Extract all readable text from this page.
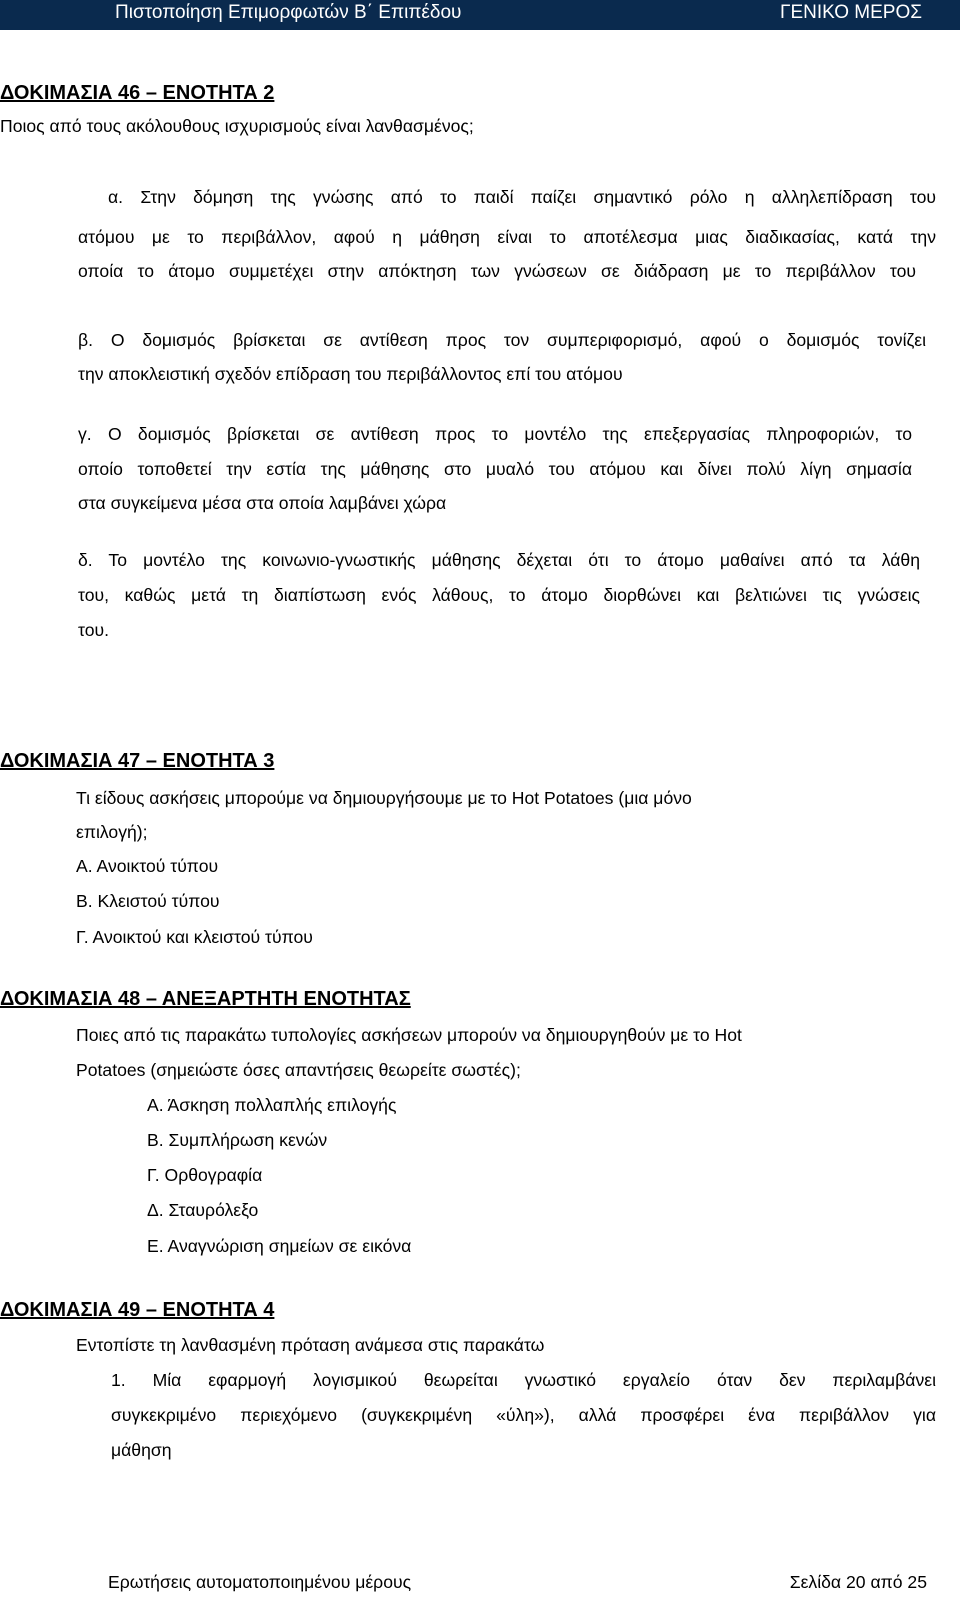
Πιστοποίηση Επιμορφωτών Β΄ Επιπέδου	ΓΕΝΙΚΟ ΜΕΡΟΣ
ΔΟΚΙΜΑΣΙΑ 46 – ΕΝΟΤΗΤΑ 2
Ποιος από τους ακόλουθους ισχυρισμούς είναι λανθασμένος;
α. Στην δόμηση της γνώσης από το παιδί παίζει σημαντικό ρόλο η αλληλεπίδραση του
ατόμου με το περιβάλλον, αφού η μάθηση είναι το αποτέλεσμα μιας διαδικασίας, κατά την
οποία το άτομο συμμετέχει στην απόκτηση των γνώσεων σε διάδραση με το περιβάλλον του
β. Ο δομισμός βρίσκεται σε αντίθεση προς τον συμπεριφορισμό, αφού ο δομισμός τονίζει
την αποκλειστική σχεδόν επίδραση του περιβάλλοντος επί του ατόμου
γ. Ο δομισμός βρίσκεται σε αντίθεση προς το μοντέλο της επεξεργασίας πληροφοριών, το
οποίο τοποθετεί την εστία της μάθησης στο μυαλό του ατόμου και δίνει πολύ λίγη σημασία
στα συγκείμενα μέσα στα οποία λαμβάνει χώρα
δ. Το μοντέλο της κοινωνιο-γνωστικής μάθησης δέχεται ότι το άτομο μαθαίνει από τα λάθη
του, καθώς μετά τη διαπίστωση ενός λάθους, το άτομο διορθώνει και βελτιώνει τις γνώσεις
του.
ΔΟΚΙΜΑΣΙΑ 47 – ΕΝΟΤΗΤΑ 3
Τι είδους ασκήσεις μπορούμε να δημιουργήσουμε με το Hot Potatoes (μια μόνο
επιλογή);
Α. Ανοικτού τύπου
Β. Κλειστού τύπου
Γ. Ανοικτού και κλειστού τύπου
ΔΟΚΙΜΑΣΙΑ 48 – ΑΝΕΞΑΡΤΗΤΗ ΕΝΟΤΗΤΑΣ
Ποιες από τις παρακάτω τυπολογίες ασκήσεων μπορούν να δημιουργηθούν με το Hot
Potatoes (σημειώστε όσες απαντήσεις θεωρείτε σωστές);
Α. Άσκηση πολλαπλής επιλογής
Β. Συμπλήρωση κενών
Γ. Ορθογραφία
Δ. Σταυρόλεξο
Ε. Αναγνώριση σημείων σε εικόνα
ΔΟΚΙΜΑΣΙΑ 49 – ΕΝΟΤΗΤΑ 4
Εντοπίστε τη λανθασμένη πρόταση ανάμεσα στις παρακάτω
1. Μία εφαρμογή λογισμικού θεωρείται γνωστικό εργαλείο όταν δεν περιλαμβάνει
συγκεκριμένο περιεχόμενο (συγκεκριμένη «ύλη»), αλλά προσφέρει ένα περιβάλλον για
μάθηση
Ερωτήσεις αυτοματοποιημένου μέρους	Σελίδα 20 από 25
